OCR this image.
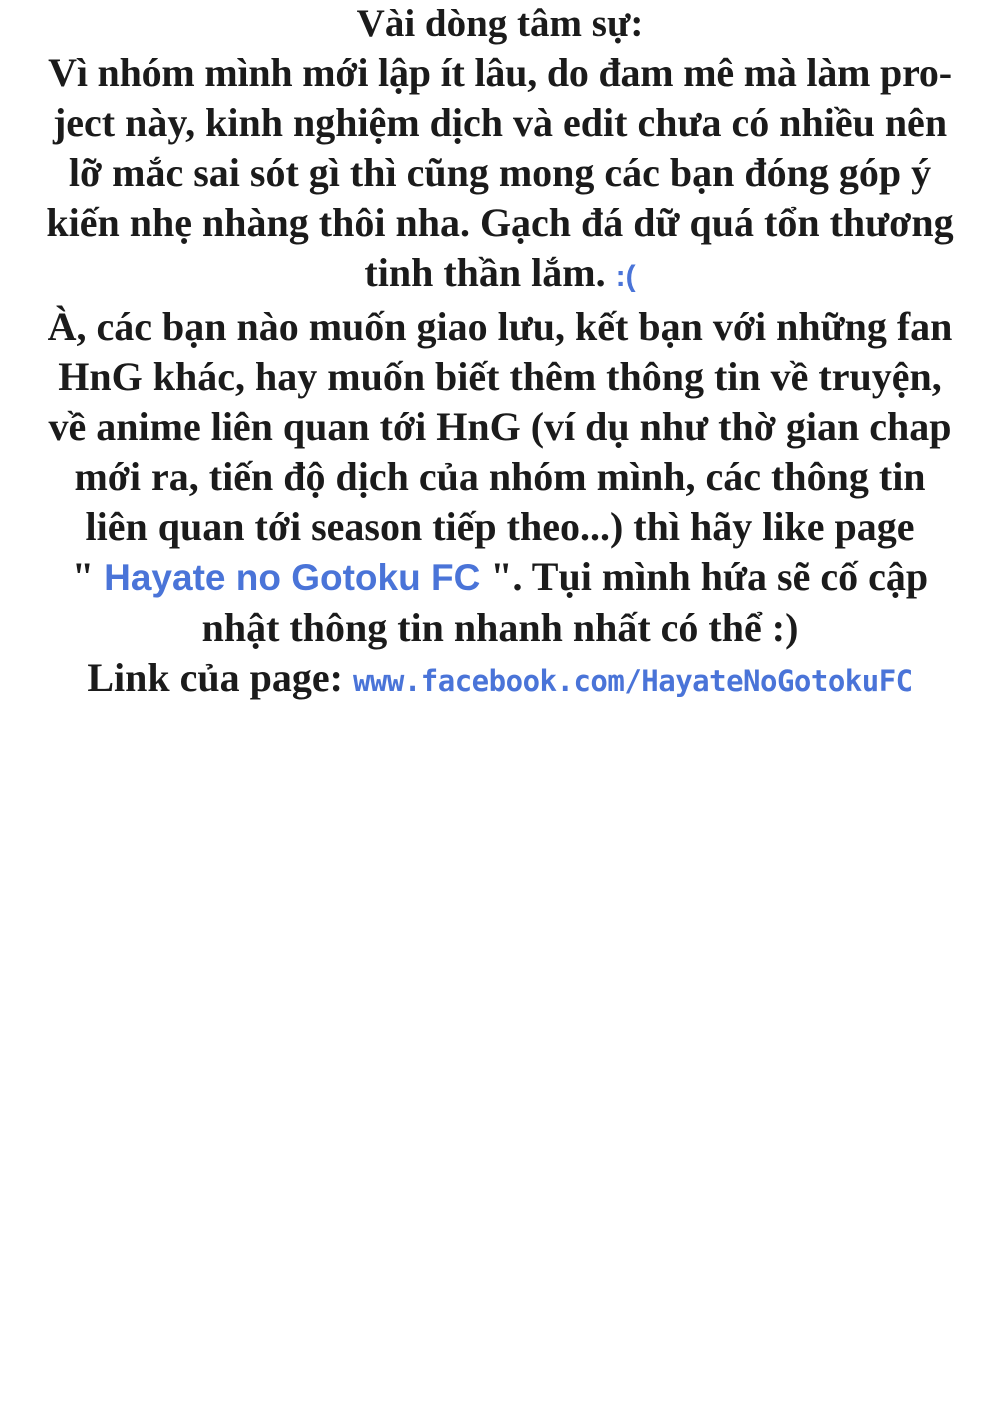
Vài dòng tâm sự:
Vì nhóm mình mới lập ít lâu, do đam mê mà làm pro-
ject này, kinh nghiệm dịch và edit chưa có nhiều nên
lỡ mắc sai sót gì thì cũng mong các bạn đóng góp ý
kiến nhẹ nhàng thôi nha. Gạch đá dữ quá tổn thương
tinh thần lắm. :(
À, các bạn nào muốn giao lưu, kết bạn với những fan
HnG khác, hay muốn biết thêm thông tin về truyện,
về anime liên quan tới HnG (ví dụ như thờ gian chap
mới ra, tiến độ dịch của nhóm mình, các thông tin
liên quan tới season tiếp theo...) thì hãy like page
" Hayate no Gotoku FC ". Tụi mình hứa sẽ cố cập
nhật thông tin nhanh nhất có thể :)
Link của page: www.facebook.com/HayateNoGotokuFC
